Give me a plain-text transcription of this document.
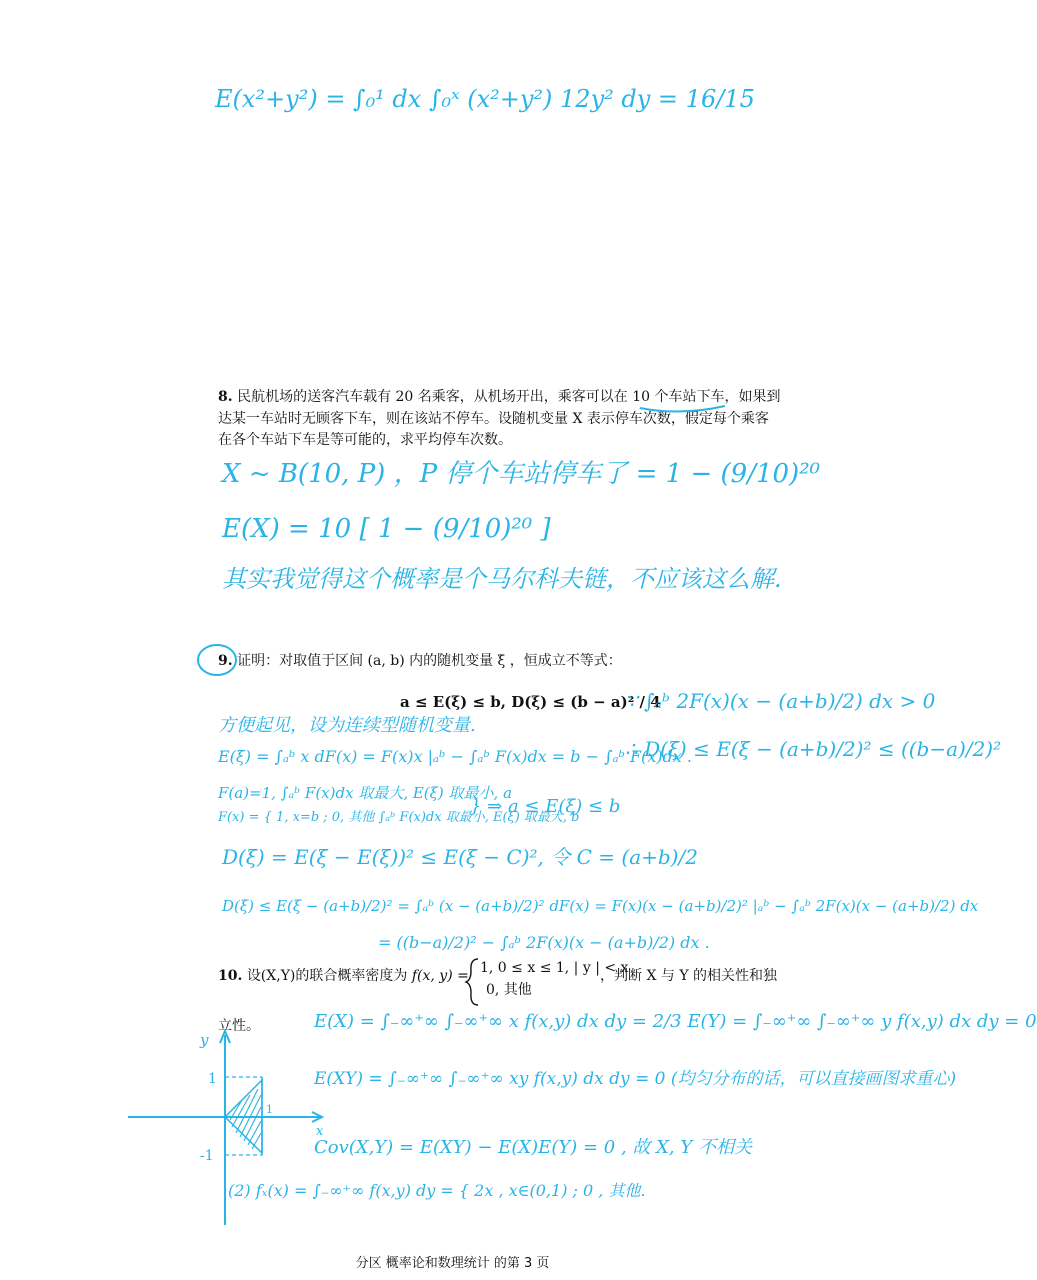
E(x²+y²) = ∫₀¹ dx ∫₀ˣ (x²+y²) 12y² dy = 16/15
8. 民航机场的送客汽车载有 20 名乘客，从机场开出，乘客可以在 10 个车站下车，如果到
达某一车站时无顾客下车，则在该站不停车。设随机变量 X 表示停车次数，假定每个乘客
在各个车站下车是等可能的，求平均停车次数。
X ~ B(10, P) ，P 停个车站停车了 = 1 − (9/10)²⁰
E(X) = 10 [ 1 − (9/10)²⁰ ]
其实我觉得这个概率是个马尔科夫链，不应该这么解.
9. 证明：对取值于区间 (a, b) 内的随机变量 ξ ，恒成立不等式：
a ≤ E(ξ) ≤ b, D(ξ) ≤ (b − a)² / 4
∵ ∫ₐᵇ 2F(x)(x − (a+b)/2) dx > 0
∴ D(ξ) ≤ E(ξ − (a+b)/2)² ≤ ((b−a)/2)²
方便起见，设为连续型随机变量.
E(ξ) = ∫ₐᵇ x dF(x) = F(x)x |ₐᵇ − ∫ₐᵇ F(x)dx = b − ∫ₐᵇ F(x)dx .
F(a)=1, ∫ₐᵇ F(x)dx 取最大, E(ξ) 取最小, a
F(x) = { 1, x=b ; 0, 其他 ∫ₐᵇ F(x)dx 取最小, E(ξ) 取最大, b
} ⇒ a ≤ E(ξ) ≤ b
D(ξ) = E(ξ − E(ξ))² ≤ E(ξ − C)², 令 C = (a+b)/2
D(ξ) ≤ E(ξ − (a+b)/2)² = ∫ₐᵇ (x − (a+b)/2)² dF(x) = F(x)(x − (a+b)/2)² |ₐᵇ − ∫ₐᵇ 2F(x)(x − (a+b)/2) dx
= ((b−a)/2)² − ∫ₐᵇ 2F(x)(x − (a+b)/2) dx .
10. 设(X,Y)的联合概率密度为 f(x, y) = 1, 0 ≤ x ≤ 1, | y | < x
0, 其他
，判断 X 与 Y 的相关性和独
立性。	E(X) = ∫₋∞⁺∞ ∫₋∞⁺∞ x f(x,y) dx dy = 2/3 E(Y) = ∫₋∞⁺∞ ∫₋∞⁺∞ y f(x,y) dx dy = 0
E(XY) = ∫₋∞⁺∞ ∫₋∞⁺∞ xy f(x,y) dx dy = 0 (均匀分布的话，可以直接画图求重心)
Cov(X,Y) = E(XY) − E(X)E(Y) = 0 , 故 X, Y 不相关
(2) fₓ(x) = ∫₋∞⁺∞ f(x,y) dy = { 2x , x∈(0,1) ; 0 , 其他.
y
x
1
-1
1
分区 概率论和数理统计 的第 3 页
